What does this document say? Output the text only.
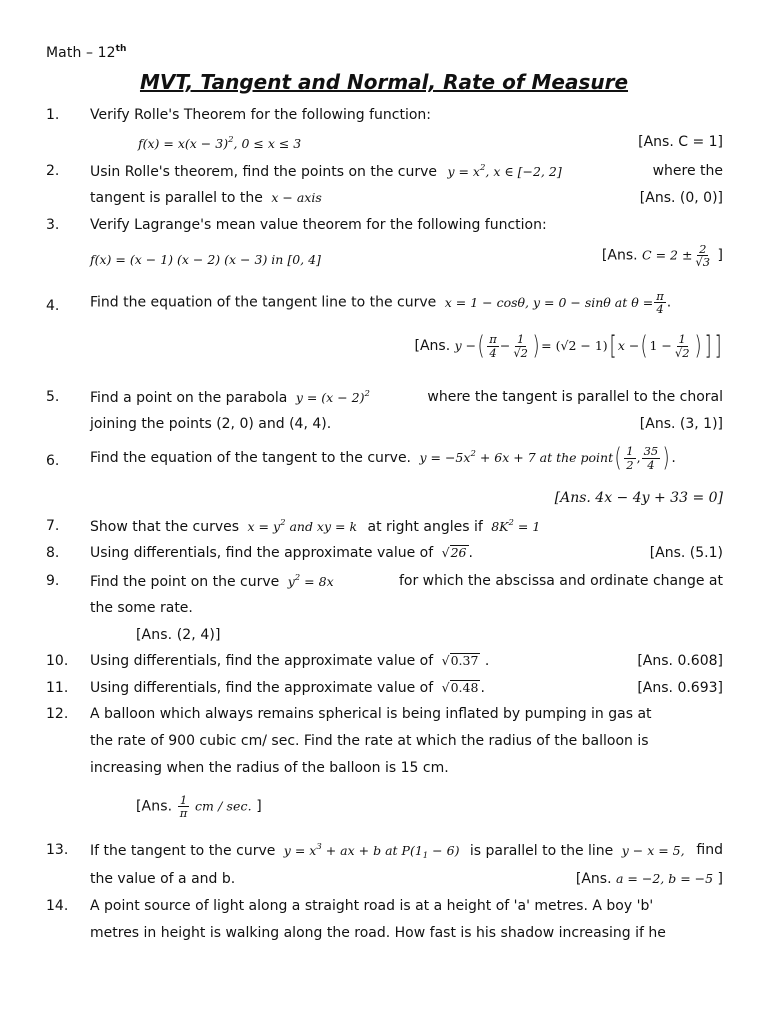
Math – 12th
MVT, Tangent and Normal, Rate of Measure
1. Verify Rolle's Theorem for the following function:
$f(x) = x(x - 3)^2$, 0 ≤ x ≤ 3	[Ans. C = 1]
2. Usin Rolle's theorem, find the points on the curve $y = x^2$, x ∈ [−2, 2]	where the
tangent is parallel to the x − axis	[Ans. (0, 0)]
3. Verify Lagrange's mean value theorem for the following function:
f(x) = (x − 1) (x − 2) (x − 3) in [0, 4]	[Ans. $C = 2 \pm \frac{2}{√3}$ ]
4. Find the equation of the tangent line to the curve x = 1 − cosθ, y = 0 − sinθ at $\theta = \frac{\pi}{4}$ .
[Ans. y −( $\frac{\pi}{4} - \frac{1}{√2}$ ) = (√2 − 1)[ x −( $1 - \frac{1}{√2}$ ) ] ]
5. Find a point on the parabola $y = (x - 2)^2$	where the tangent is parallel to the choral
joining the points (2, 0) and (4, 4).	[Ans. (3, 1)]
6. Find the equation of the tangent to the curve. $y = -5x^2 + 6x + 7$ at the point( $\frac{1}{2}$ , $\frac{35}{4}$ ) .
[Ans. 4x − 4y + 33 = 0]
7. Show that the curves $x = y^2$ and xy = k at right angles if $8K^2 = 1$
8. Using differentials, find the approximate value of √26 .	[Ans. (5.1)
9. Find the point on the curve $y^2 = 8x$	for which the abscissa and ordinate change at
the some rate.
[Ans. (2, 4)]
10. Using differentials, find the approximate value of √0.37 .	[Ans. 0.608]
11. Using differentials, find the approximate value of √0.48 .	[Ans. 0.693]
12. A balloon which always remains spherical is being inflated by pumping in gas at
the rate of 900 cubic cm/ sec. Find the rate at which the radius of the balloon is
increasing when the radius of the balloon is 15 cm.
[Ans. $\frac{1}{\pi}$ cm / sec. ]
13. If the tangent to the curve $y = x^3$ + ax + b at $P(1_1 - 6)$ is parallel to the line y − x = 5, find
the value of a and b.	[Ans. a = −2, b = −5 ]
14. A point source of light along a straight road is at a height of 'a' metres. A boy 'b'
metres in height is walking along the road. How fast is his shadow increasing if he
